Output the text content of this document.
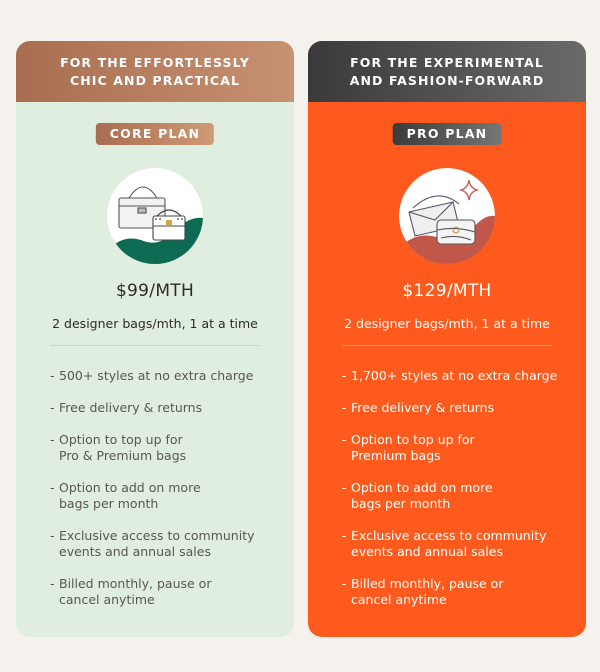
FOR THE EFFORTLESSLY
CHIC AND PRACTICAL
CORE PLAN
$99/MTH
2 designer bags/mth, 1 at a time
- 500+ styles at no extra charge
- Free delivery & returns
- Option to top up for
Pro & Premium bags
- Option to add on more
bags per month
- Exclusive access to community
events and annual sales
- Billed monthly, pause or
cancel anytime
FOR THE EXPERIMENTAL
AND FASHION-FORWARD
PRO PLAN
$129/MTH
2 designer bags/mth, 1 at a time
- 1,700+ styles at no extra charge
- Free delivery & returns
- Option to top up for
Premium bags
- Option to add on more
bags per month
- Exclusive access to community
events and annual sales
- Billed monthly, pause or
cancel anytime
